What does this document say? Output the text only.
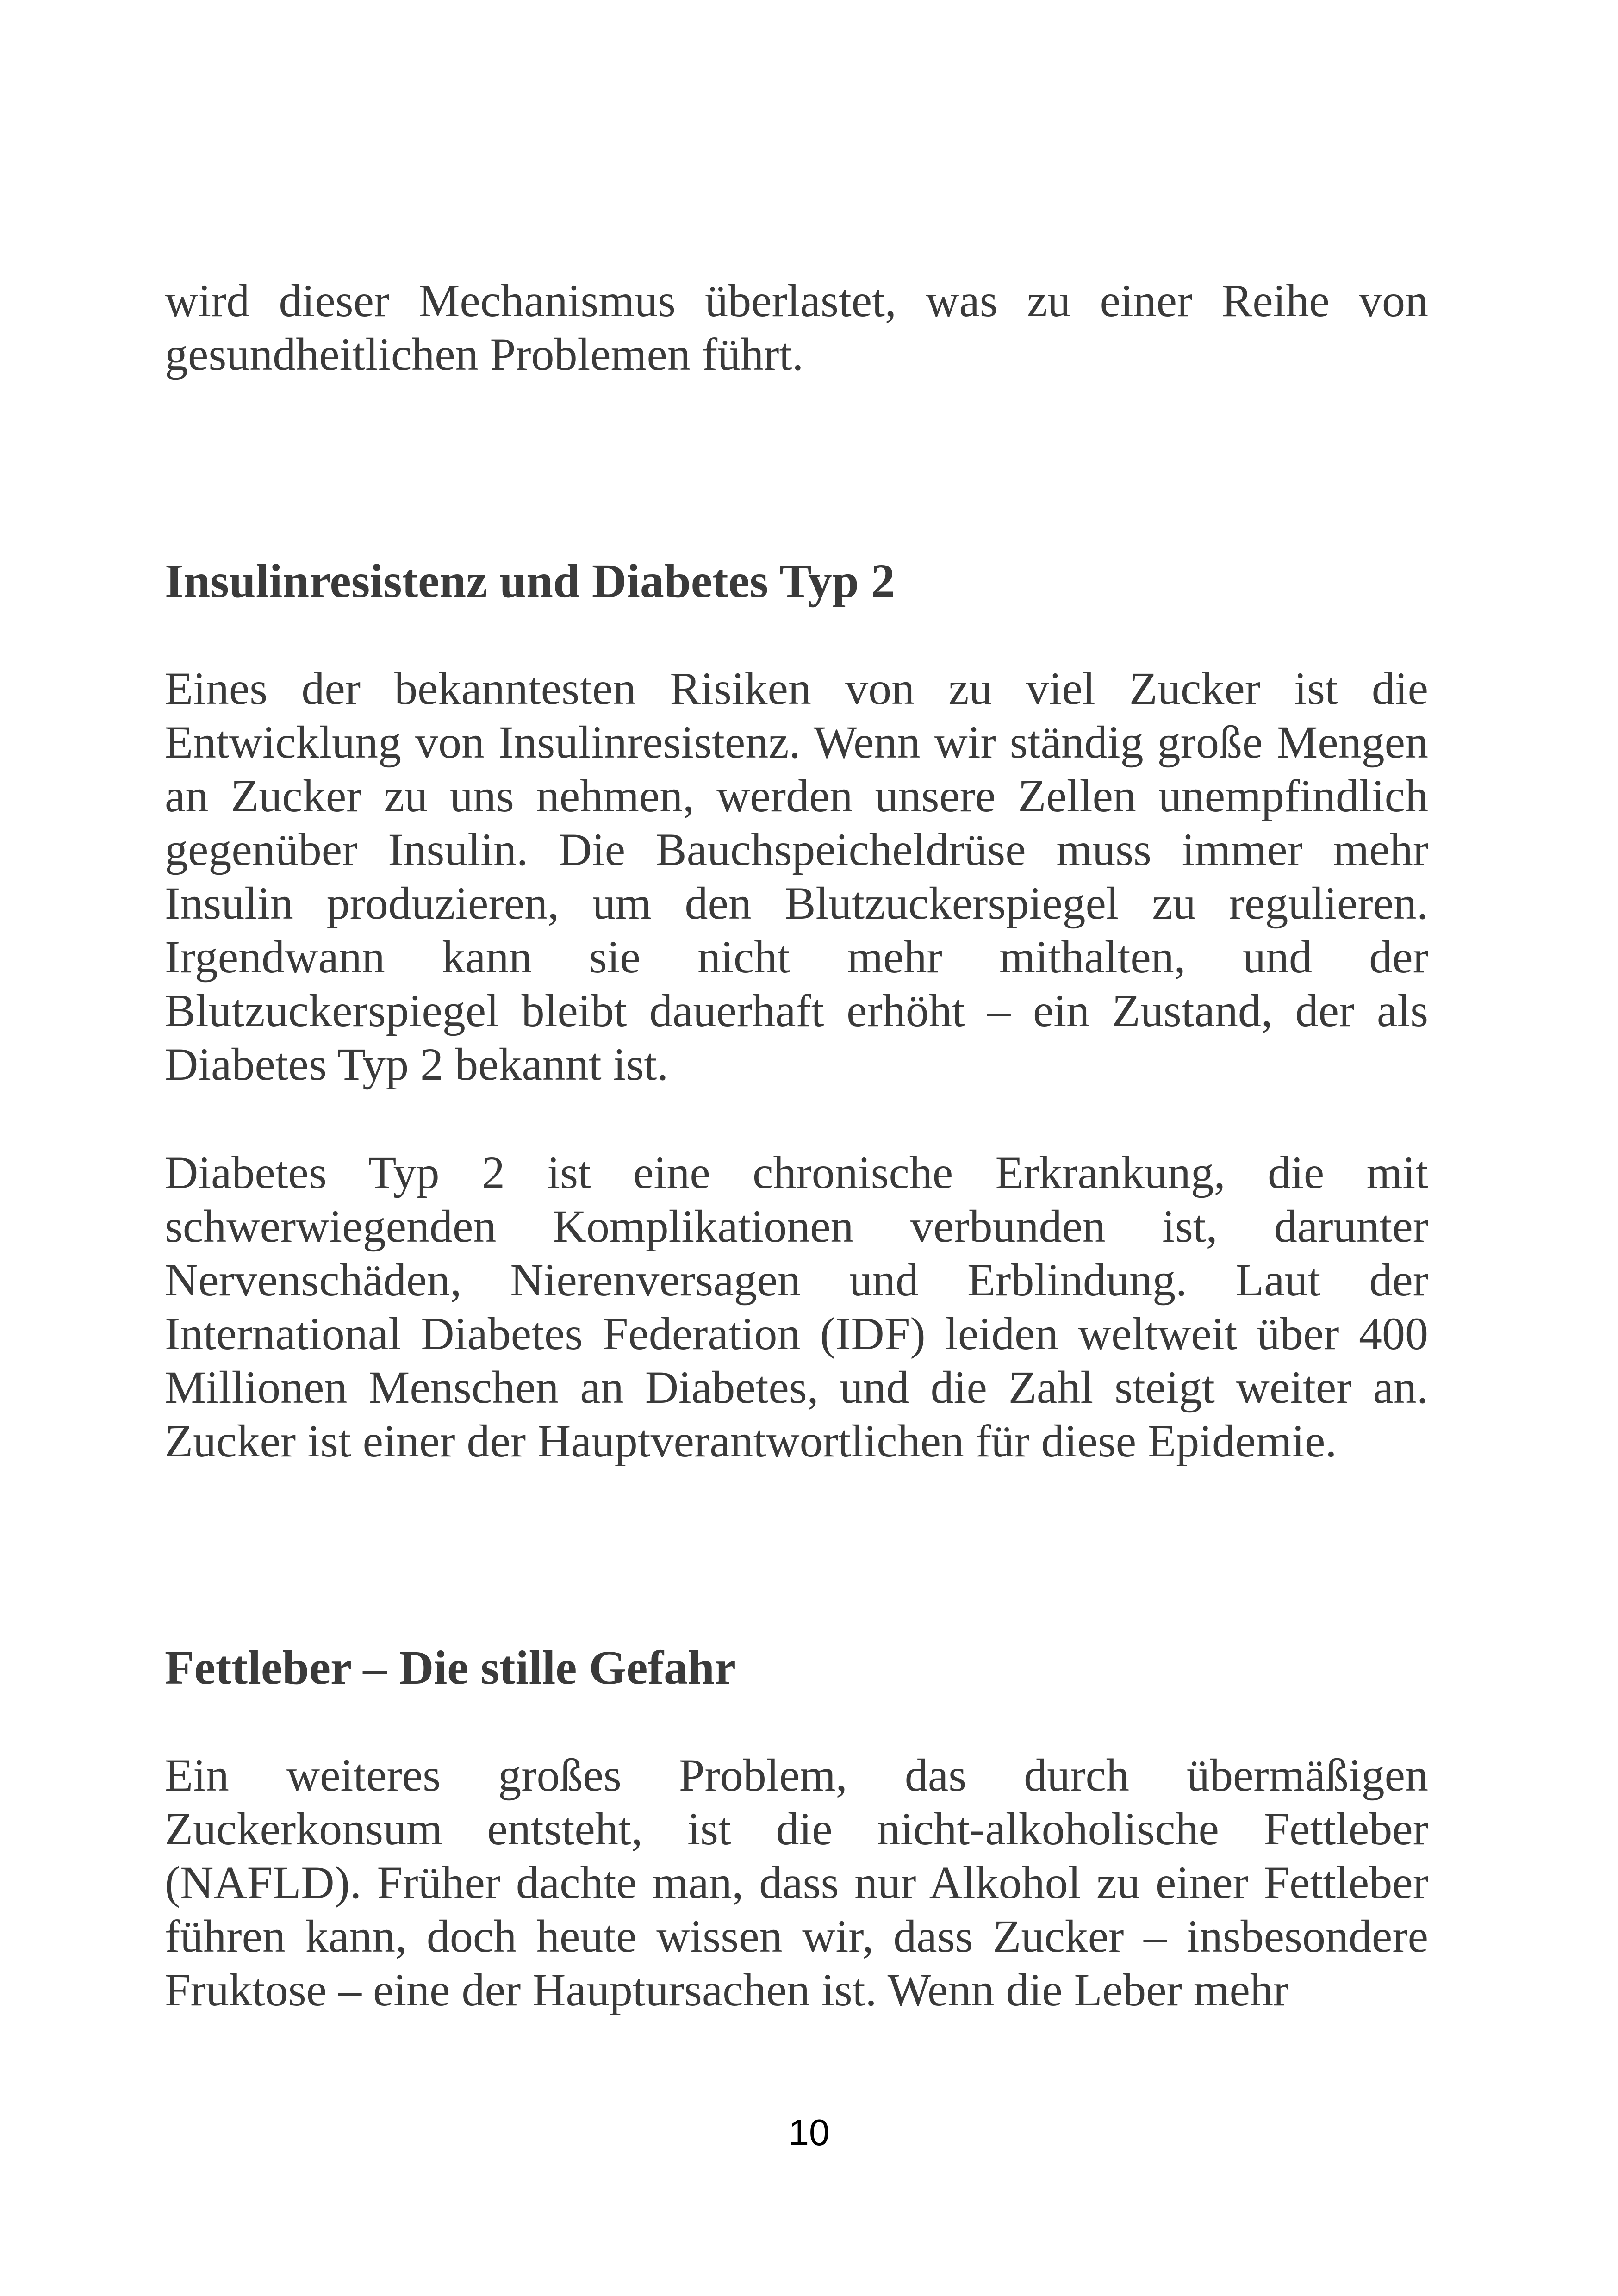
wird dieser Mechanismus überlastet, was zu einer Reihe von gesundheitlichen Problemen führt.

Insulinresistenz und Diabetes Typ 2

Eines der bekanntesten Risiken von zu viel Zucker ist die Entwicklung von Insulinresistenz. Wenn wir ständig große Mengen an Zucker zu uns nehmen, werden unsere Zellen unempfindlich gegenüber Insulin. Die Bauchspeicheldrüse muss immer mehr Insulin produzieren, um den Blutzuckerspiegel zu regulieren. Irgendwann kann sie nicht mehr mithalten, und der Blutzuckerspiegel bleibt dauerhaft erhöht – ein Zustand, der als Diabetes Typ 2 bekannt ist.

Diabetes Typ 2 ist eine chronische Erkrankung, die mit schwerwiegenden Komplikationen verbunden ist, darunter Nervenschäden, Nierenversagen und Erblindung. Laut der International Diabetes Federation (IDF) leiden weltweit über 400 Millionen Menschen an Diabetes, und die Zahl steigt weiter an. Zucker ist einer der Hauptverantwortlichen für diese Epidemie.

Fettleber – Die stille Gefahr

Ein weiteres großes Problem, das durch übermäßigen Zuckerkonsum entsteht, ist die nicht-alkoholische Fettleber (NAFLD). Früher dachte man, dass nur Alkohol zu einer Fettleber führen kann, doch heute wissen wir, dass Zucker – insbesondere Fruktose – eine der Hauptursachen ist. Wenn die Leber mehr

10
